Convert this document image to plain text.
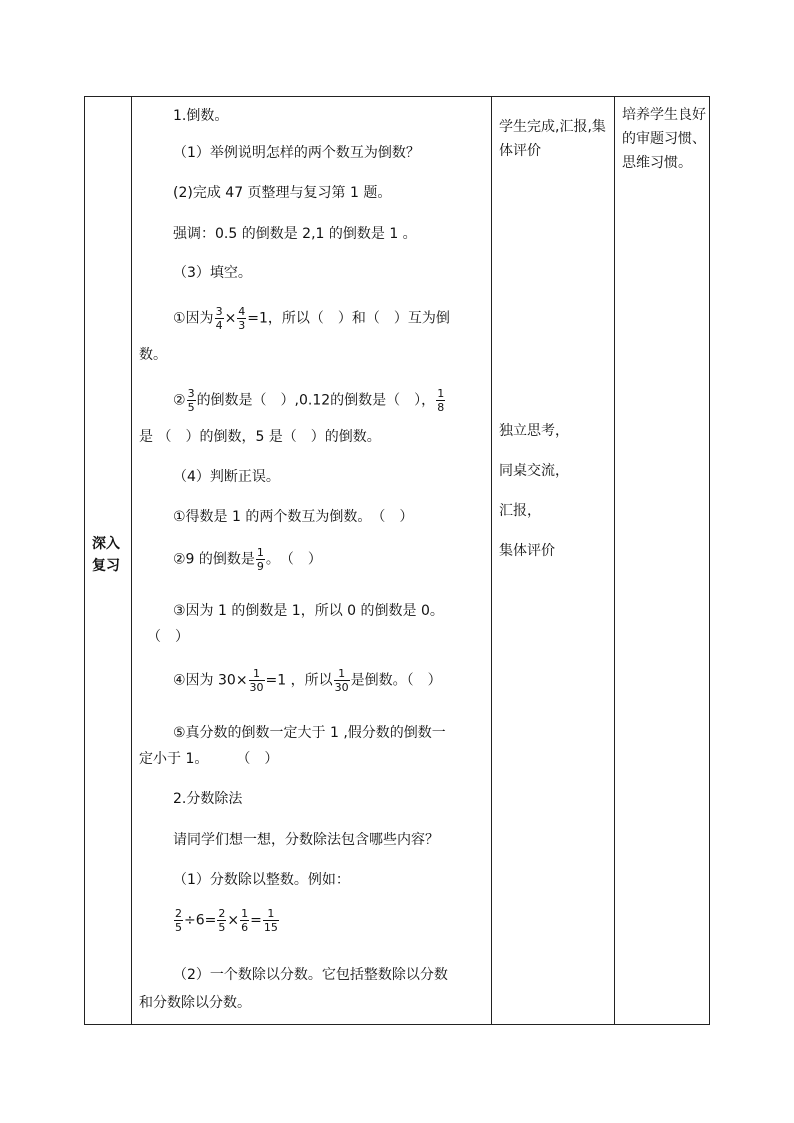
深入复习
1.倒数。
（1）举例说明怎样的两个数互为倒数？
(2)完成 47 页整理与复习第 1 题。
强调：0.5 的倒数是 2,1 的倒数是 1 。
（3）填空。
①因为 $\frac{3}{4} \times \frac{4}{3} =1$，所以（　）和（　）互为倒
数。
② $\frac{3}{5}$ 的倒数是（　）,0.12的倒数是（　）， $\frac{1}{8}$
是 （　）的倒数，5 是（　）的倒数。
（4）判断正误。
①得数是 1 的两个数互为倒数。　（　）
②9 的倒数是 $\frac{1}{9}$ 。　（　）
③因为 1 的倒数是 1，所以 0 的倒数是 0。
（　）
④因为 $30\times \frac{1}{30} =1$ ，所以 $\frac{1}{30}$ 是倒数。（　）
⑤真分数的倒数一定大于 1 ,假分数的倒数一
定小于 1。　　　（　）
2.分数除法
请同学们想一想，分数除法包含哪些内容？
（1）分数除以整数。例如：
$\frac{2}{5} \div 6= \frac{2}{5} \times \frac{1}{6} = \frac{1}{15}$
（2）一个数除以分数。它包括整数除以分数
和分数除以分数。
学生完成,汇报,集体评价
独立思考，
同桌交流，
汇报，
集体评价
培养学生良好的审题习惯、思维习惯。
